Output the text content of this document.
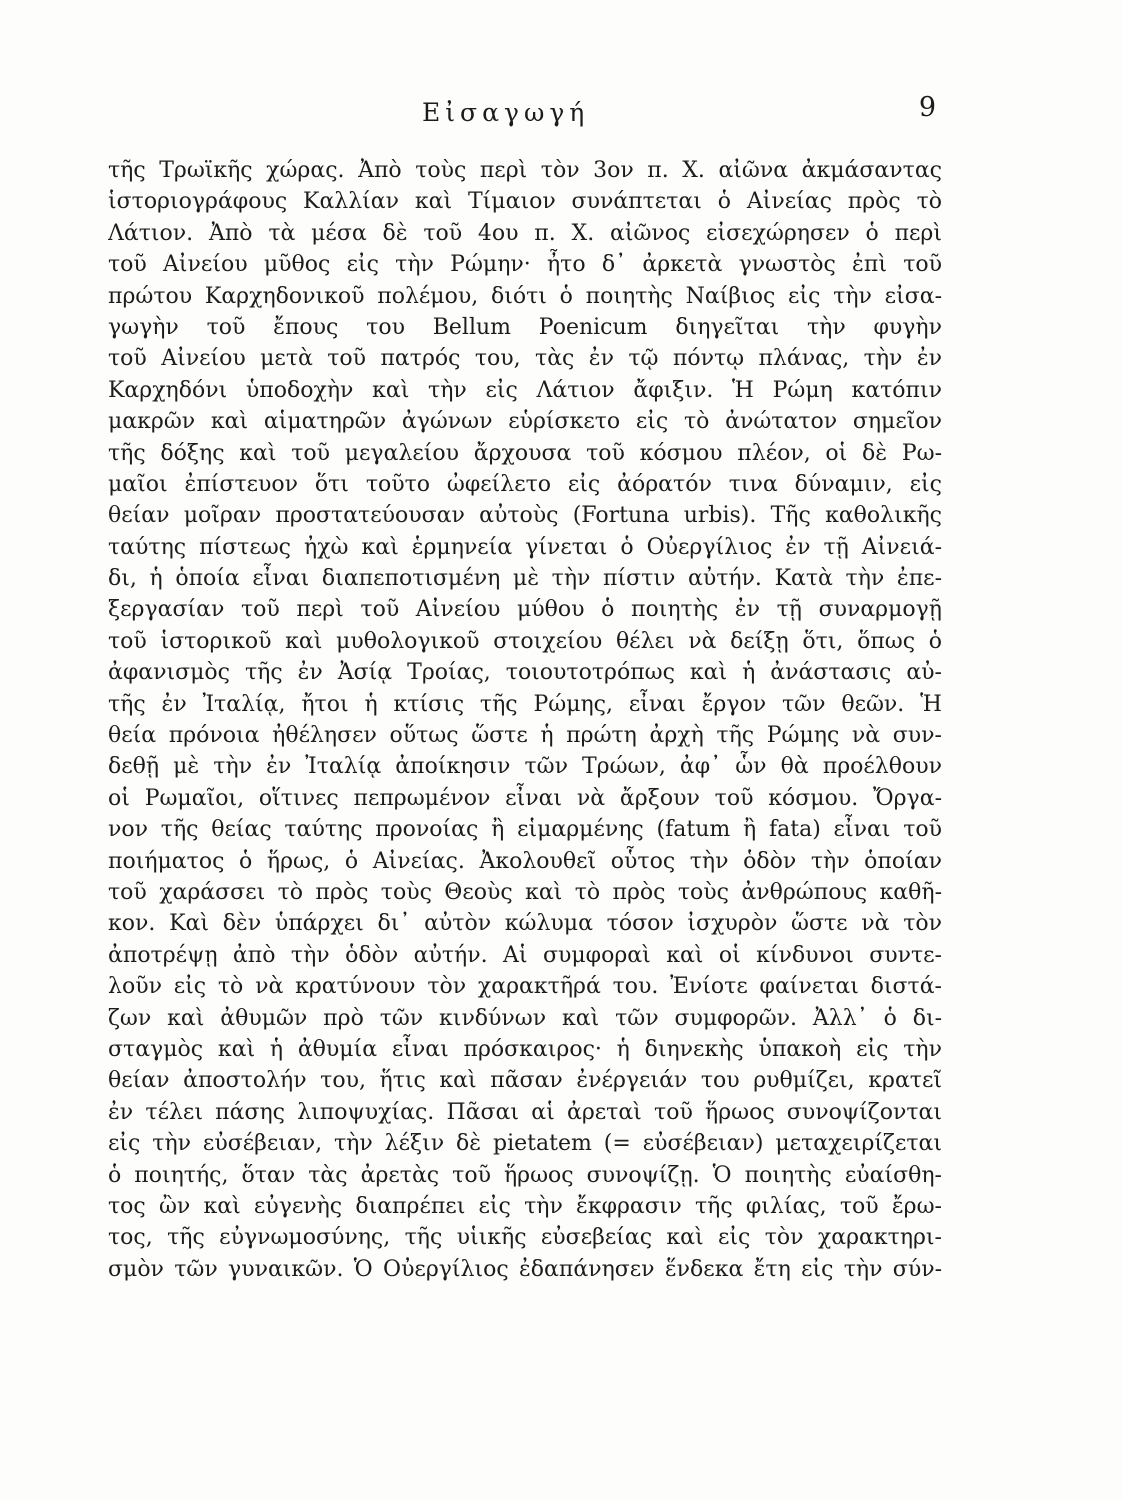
Εἰσαγωγή	9
τῆς Τρωϊκῆς χώρας. Ἀπὸ τοὺς περὶ τὸν 3ον π. Χ. αἰῶνα ἀκμάσαντας
ἱστοριογράφους Καλλίαν καὶ Τίμαιον συνάπτεται ὁ Αἰνείας πρὸς τὸ
Λάτιον. Ἀπὸ τὰ μέσα δὲ τοῦ 4ου π. Χ. αἰῶνος εἰσεχώρησεν ὁ περὶ
τοῦ Αἰνείου μῦθος εἰς τὴν Ρώμην· ἦτο δ᾽ ἀρκετὰ γνωστὸς ἐπὶ τοῦ
πρώτου Καρχηδονικοῦ πολέμου, διότι ὁ ποιητὴς Ναίβιος εἰς τὴν εἰσα-
γωγὴν τοῦ ἔπους του Bellum Poenicum διηγεῖται τὴν φυγὴν
τοῦ Αἰνείου μετὰ τοῦ πατρός του, τὰς ἐν τῷ πόντῳ πλάνας, τὴν ἐν
Καρχηδόνι ὑποδοχὴν καὶ τὴν εἰς Λάτιον ἄφιξιν. Ἡ Ρώμη κατόπιν
μακρῶν καὶ αἱματηρῶν ἀγώνων εὑρίσκετο εἰς τὸ ἀνώτατον σημεῖον
τῆς δόξης καὶ τοῦ μεγαλείου ἄρχουσα τοῦ κόσμου πλέον, οἱ δὲ Ρω-
μαῖοι ἐπίστευον ὅτι τοῦτο ὠφείλετο εἰς ἀόρατόν τινα δύναμιν, εἰς
θείαν μοῖραν προστατεύουσαν αὐτοὺς (Fortuna urbis). Τῆς καθολικῆς
ταύτης πίστεως ἠχὼ καὶ ἑρμηνεία γίνεται ὁ Οὐεργίλιος ἐν τῇ Αἰνειά-
δι, ἡ ὁποία εἶναι διαπεποτισμένη μὲ τὴν πίστιν αὐτήν. Κατὰ τὴν ἐπε-
ξεργασίαν τοῦ περὶ τοῦ Αἰνείου μύθου ὁ ποιητὴς ἐν τῇ συναρμογῇ
τοῦ ἱστορικοῦ καὶ μυθολογικοῦ στοιχείου θέλει νὰ δείξῃ ὅτι, ὅπως ὁ
ἀφανισμὸς τῆς ἐν Ἀσίᾳ Τροίας, τοιουτοτρόπως καὶ ἡ ἀνάστασις αὐ-
τῆς ἐν Ἰταλίᾳ, ἤτοι ἡ κτίσις τῆς Ρώμης, εἶναι ἔργον τῶν θεῶν. Ἡ
θεία πρόνοια ἠθέλησεν οὕτως ὥστε ἡ πρώτη ἀρχὴ τῆς Ρώμης νὰ συν-
δεθῇ μὲ τὴν ἐν Ἰταλίᾳ ἀποίκησιν τῶν Τρώων, ἀφ᾽ ὧν θὰ προέλθουν
οἱ Ρωμαῖοι, οἵτινες πεπρωμένον εἶναι νὰ ἄρξουν τοῦ κόσμου. Ὄργα-
νον τῆς θείας ταύτης προνοίας ἢ εἱμαρμένης (fatum ἢ fata) εἶναι τοῦ
ποιήματος ὁ ἥρως, ὁ Αἰνείας. Ἀκολουθεῖ οὗτος τὴν ὁδὸν τὴν ὁποίαν
τοῦ χαράσσει τὸ πρὸς τοὺς Θεοὺς καὶ τὸ πρὸς τοὺς ἀνθρώπους καθῆ-
κον. Καὶ δὲν ὑπάρχει δι᾽ αὐτὸν κώλυμα τόσον ἰσχυρὸν ὥστε νὰ τὸν
ἀποτρέψῃ ἀπὸ τὴν ὁδὸν αὐτήν. Αἱ συμφοραὶ καὶ οἱ κίνδυνοι συντε-
λοῦν εἰς τὸ νὰ κρατύνουν τὸν χαρακτῆρά του. Ἐνίοτε φαίνεται διστά-
ζων καὶ ἀθυμῶν πρὸ τῶν κινδύνων καὶ τῶν συμφορῶν. Ἀλλ᾽ ὁ δι-
σταγμὸς καὶ ἡ ἀθυμία εἶναι πρόσκαιρος· ἡ διηνεκὴς ὑπακοὴ εἰς τὴν
θείαν ἀποστολήν του, ἥτις καὶ πᾶσαν ἐνέργειάν του ρυθμίζει, κρατεῖ
ἐν τέλει πάσης λιποψυχίας. Πᾶσαι αἱ ἀρεταὶ τοῦ ἥρωος συνοψίζονται
εἰς τὴν εὐσέβειαν, τὴν λέξιν δὲ pietatem (= εὐσέβειαν) μεταχειρίζεται
ὁ ποιητής, ὅταν τὰς ἀρετὰς τοῦ ἥρωος συνοψίζῃ. Ὁ ποιητὴς εὐαίσθη-
τος ὢν καὶ εὐγενὴς διαπρέπει εἰς τὴν ἔκφρασιν τῆς φιλίας, τοῦ ἔρω-
τος, τῆς εὐγνωμοσύνης, τῆς υἱικῆς εὐσεβείας καὶ εἰς τὸν χαρακτηρι-
σμὸν τῶν γυναικῶν. Ὁ Οὐεργίλιος ἐδαπάνησεν ἕνδεκα ἔτη εἰς τὴν σύν-
